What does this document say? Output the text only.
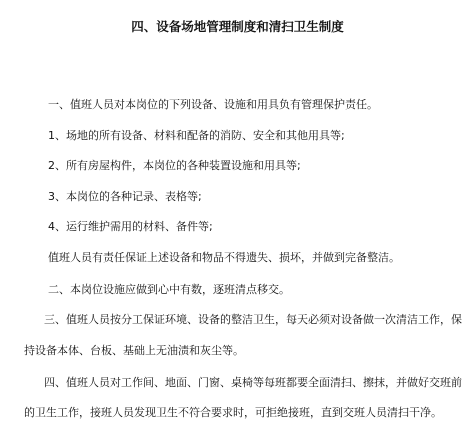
四、设备场地管理制度和清扫卫生制度
一、值班人员对本岗位的下列设备、设施和用具负有管理保护责任。
1、场地的所有设备、材料和配备的消防、安全和其他用具等;
2、所有房屋构件，本岗位的各种装置设施和用具等;
3、本岗位的各种记录、表格等;
4、运行维护需用的材料、备件等;
值班人员有责任保证上述设备和物品不得遗失、损坏，并做到完备整洁。
二、本岗位设施应做到心中有数，逐班清点移交。
三、值班人员按分工保证环境、设备的整洁卫生，每天必须对设备做一次清洁工作，保
持设备本体、台板、基础上无油渍和灰尘等。
四、值班人员对工作间、地面、门窗、桌椅等每班都要全面清扫、擦抹，并做好交班前
的卫生工作，接班人员发现卫生不符合要求时，可拒绝接班，直到交班人员清扫干净。
